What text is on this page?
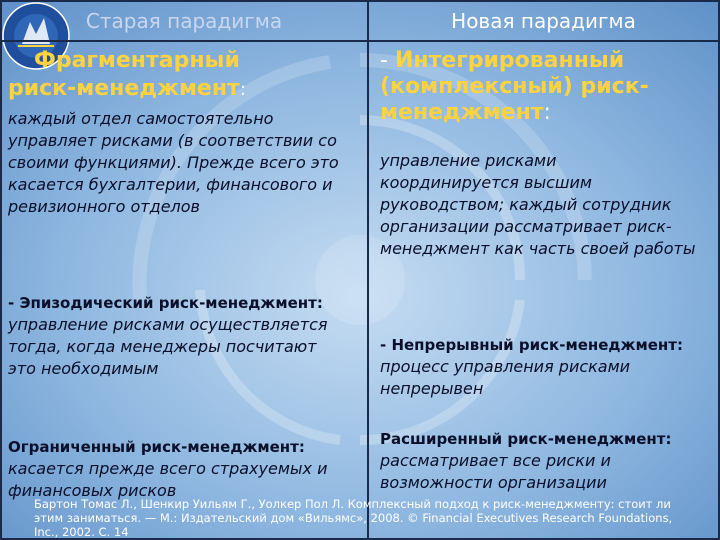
Старая парадигма	Новая парадигма
Фрагментарный
риск-менеджмент:
каждый отдел самостоятельно управляет рисками (в соответствии со своими функциями). Прежде всего это касается бухгалтерии, финансового и ревизионного отделов
- Эпизодический риск-менеджмент: управление рисками осуществляется тогда, когда менеджеры посчитают это необходимым
Ограниченный риск-менеджмент: касается прежде всего страхуемых и финансовых рисков
- Интегрированный (комплексный) риск-менеджмент:
управление рисками координируется высшим руководством; каждый сотрудник организации рассматривает риск-менеджмент как часть своей работы
- Непрерывный риск-менеджмент: процесс управления рисками непрерывен
Расширенный риск-менеджмент: рассматривает все риски и возможности организации
Бартон Томас Л., Шенкир Уильям Г., Уолкер Пол Л. Комплексный подход к риск-менеджменту: стоит ли этим заниматься. — М.: Издательский дом «Вильямс», 2008. © Financial Executives Research Foundations, Inc., 2002. С. 14
